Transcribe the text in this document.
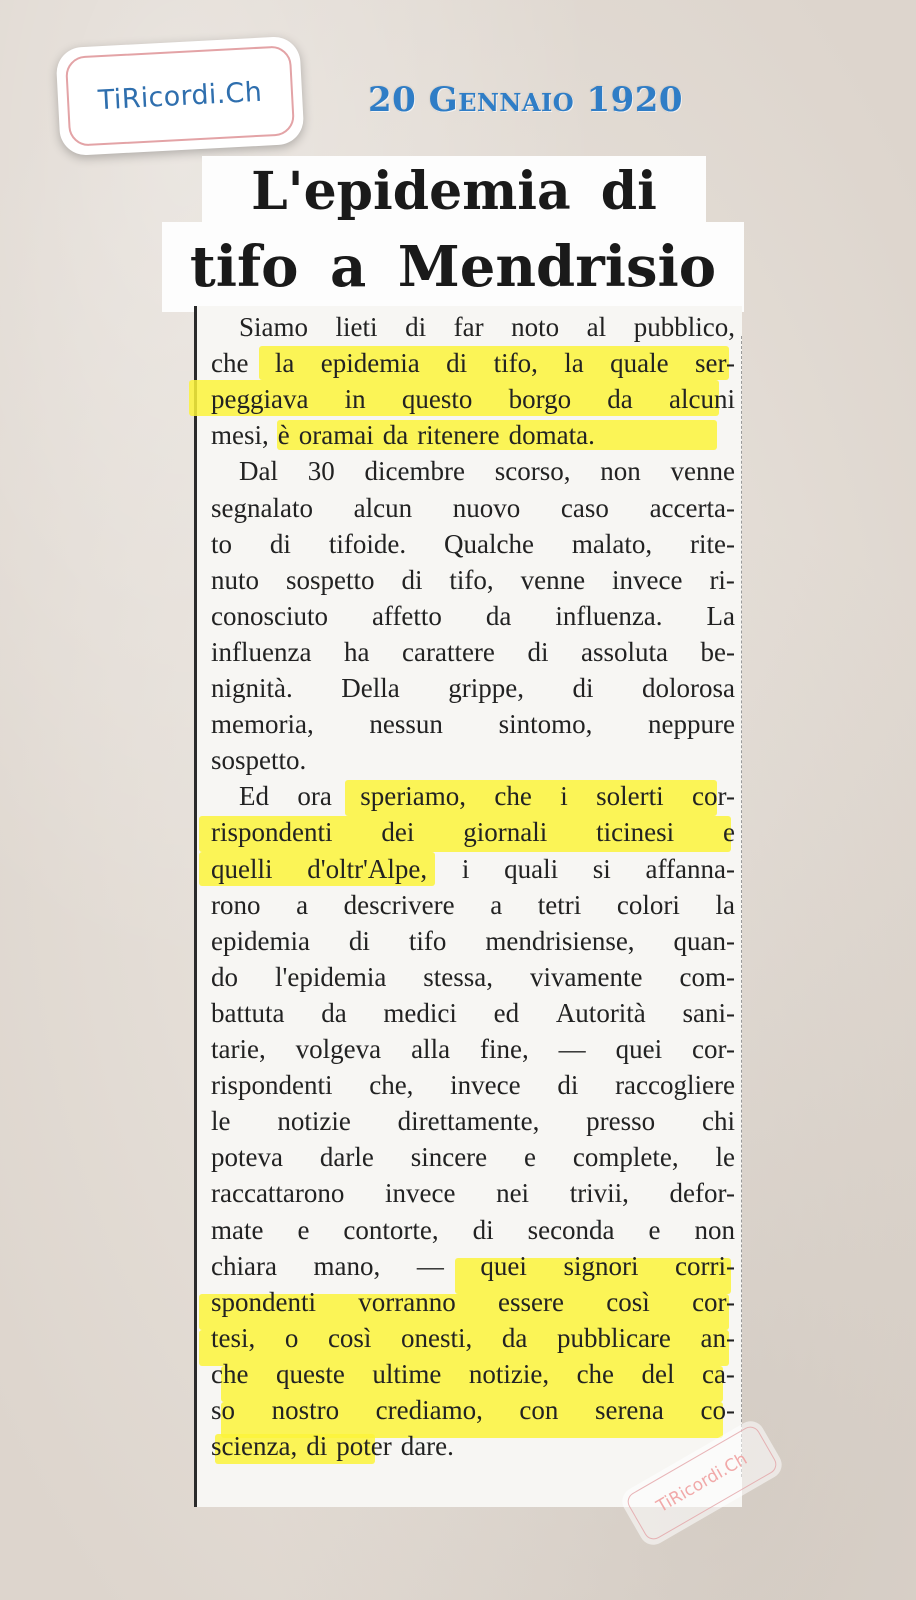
TiRicordi.Ch	20 Gennaio 1920
L'epidemia di
tifo a Mendrisio
Siamo lieti di far noto al pubblico,
che la epidemia di tifo, la quale ser-
peggiava in questo borgo da alcuni
mesi, è oramai da ritenere domata.
Dal 30 dicembre scorso, non venne
segnalato alcun nuovo caso accerta-
to di tifoide. Qualche malato, rite-
nuto sospetto di tifo, venne invece ri-
conosciuto affetto da influenza. La
influenza ha carattere di assoluta be-
nignità. Della grippe, di dolorosa
memoria, nessun sintomo, neppure
sospetto.
Ed ora speriamo, che i solerti cor-
rispondenti dei giornali ticinesi e
quelli d'oltr'Alpe, i quali si affanna-
rono a descrivere a tetri colori la
epidemia di tifo mendrisiense, quan-
do l'epidemia stessa, vivamente com-
battuta da medici ed Autorità sani-
tarie, volgeva alla fine, — quei cor-
rispondenti che, invece di raccogliere
le notizie direttamente, presso chi
poteva darle sincere e complete, le
raccattarono invece nei trivii, defor-
mate e contorte, di seconda e non
chiara mano, — quei signori corri-
spondenti vorranno essere così cor-
tesi, o così onesti, da pubblicare an-
che queste ultime notizie, che del ca-
so nostro crediamo, con serena co-
scienza, di poter dare.
TiRicordi.Ch
